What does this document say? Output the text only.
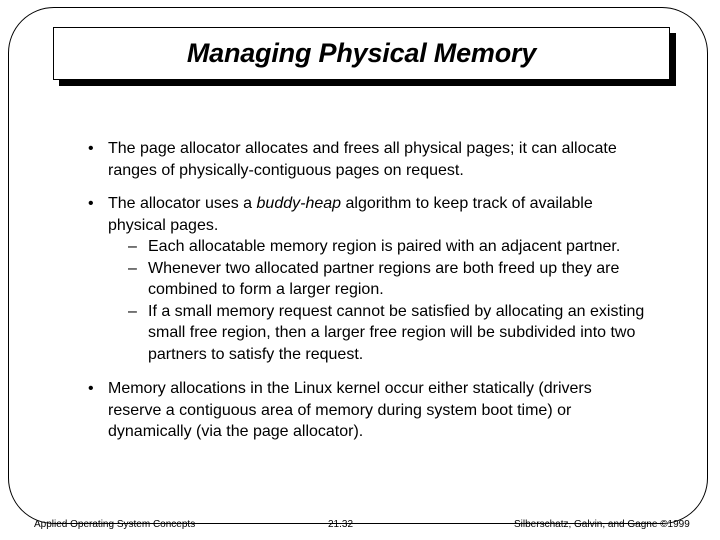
Managing Physical Memory
• The page allocator allocates and frees all physical pages; it can allocate ranges of physically-contiguous pages on request.
• The allocator uses a buddy-heap algorithm to keep track of available physical pages.
– Each allocatable memory region is paired with an adjacent partner.
– Whenever two allocated partner regions are both freed up they are combined to form a larger region.
– If a small memory request cannot be satisfied by allocating an existing small free region, then a larger free region will be subdivided into two partners to satisfy the request.
• Memory allocations in the Linux kernel occur either statically (drivers reserve a contiguous area of memory during system boot time) or dynamically (via the page allocator).
Applied Operating System Concepts	21.32	Silberschatz, Galvin, and Gagne ©1999
